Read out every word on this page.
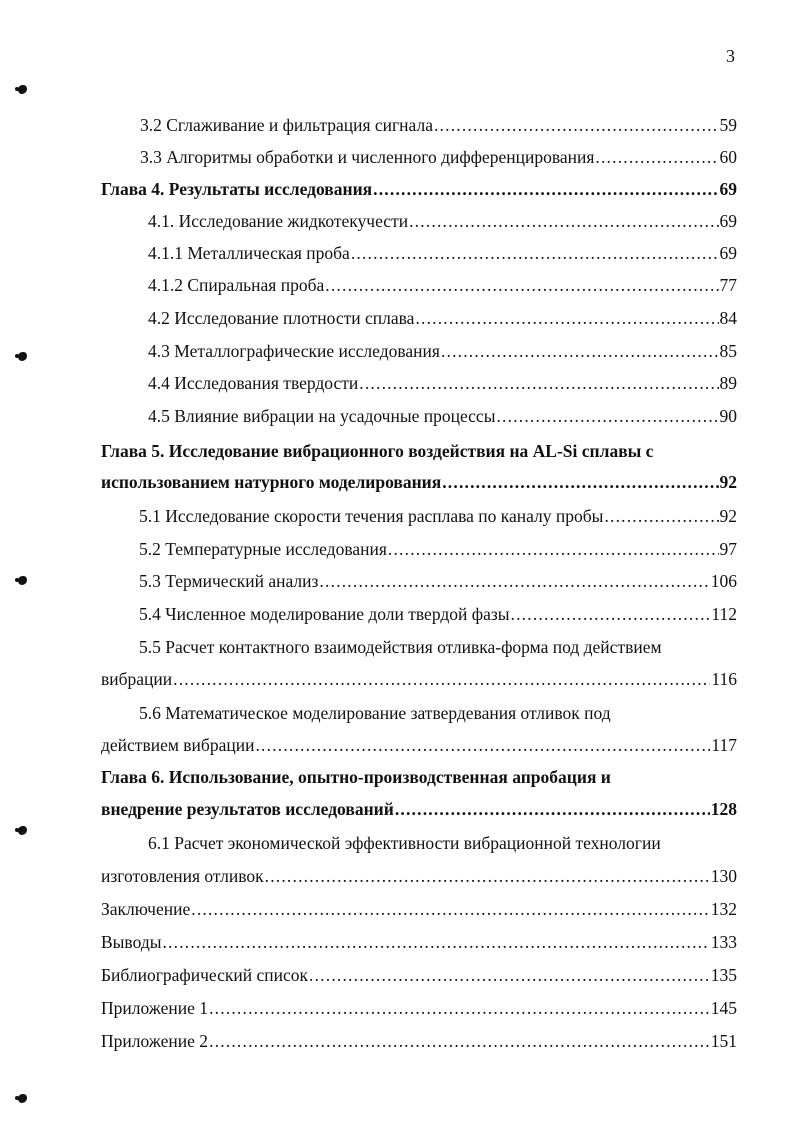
3
3.2 Сглаживание и фильтрация сигнала .....	59
3.3 Алгоритмы обработки и численного дифференцирования .....	60
Глава 4. Результаты исследования .....	69
4.1. Исследование жидкотекучести .....	69
4.1.1 Металлическая проба .....	69
4.1.2 Спиральная проба .....	77
4.2 Исследование плотности сплава .....	84
4.3 Металлографические исследования .....	85
4.4 Исследования твердости .....	89
4.5 Влияние вибрации на усадочные процессы .....	90
Глава 5. Исследование вибрационного воздействия на AL-Si сплавы с
использованием натурного моделирования .....	92
5.1 Исследование скорости течения расплава по каналу пробы .....	92
5.2 Температурные исследования .....	97
5.3 Термический анализ .....	106
5.4 Численное моделирование доли твердой фазы .....	112
5.5 Расчет контактного взаимодействия отливка-форма под действием
вибрации .....	116
5.6 Математическое моделирование затвердевания отливок под
действием вибрации .....	117
Глава 6. Использование, опытно-производственная апробация и
внедрение результатов исследований .....	128
6.1 Расчет экономической эффективности вибрационной технологии
изготовления отливок .....	130
Заключение .....	132
Выводы .....	133
Библиографический список .....	135
Приложение 1 .....	145
Приложение 2 .....	151
